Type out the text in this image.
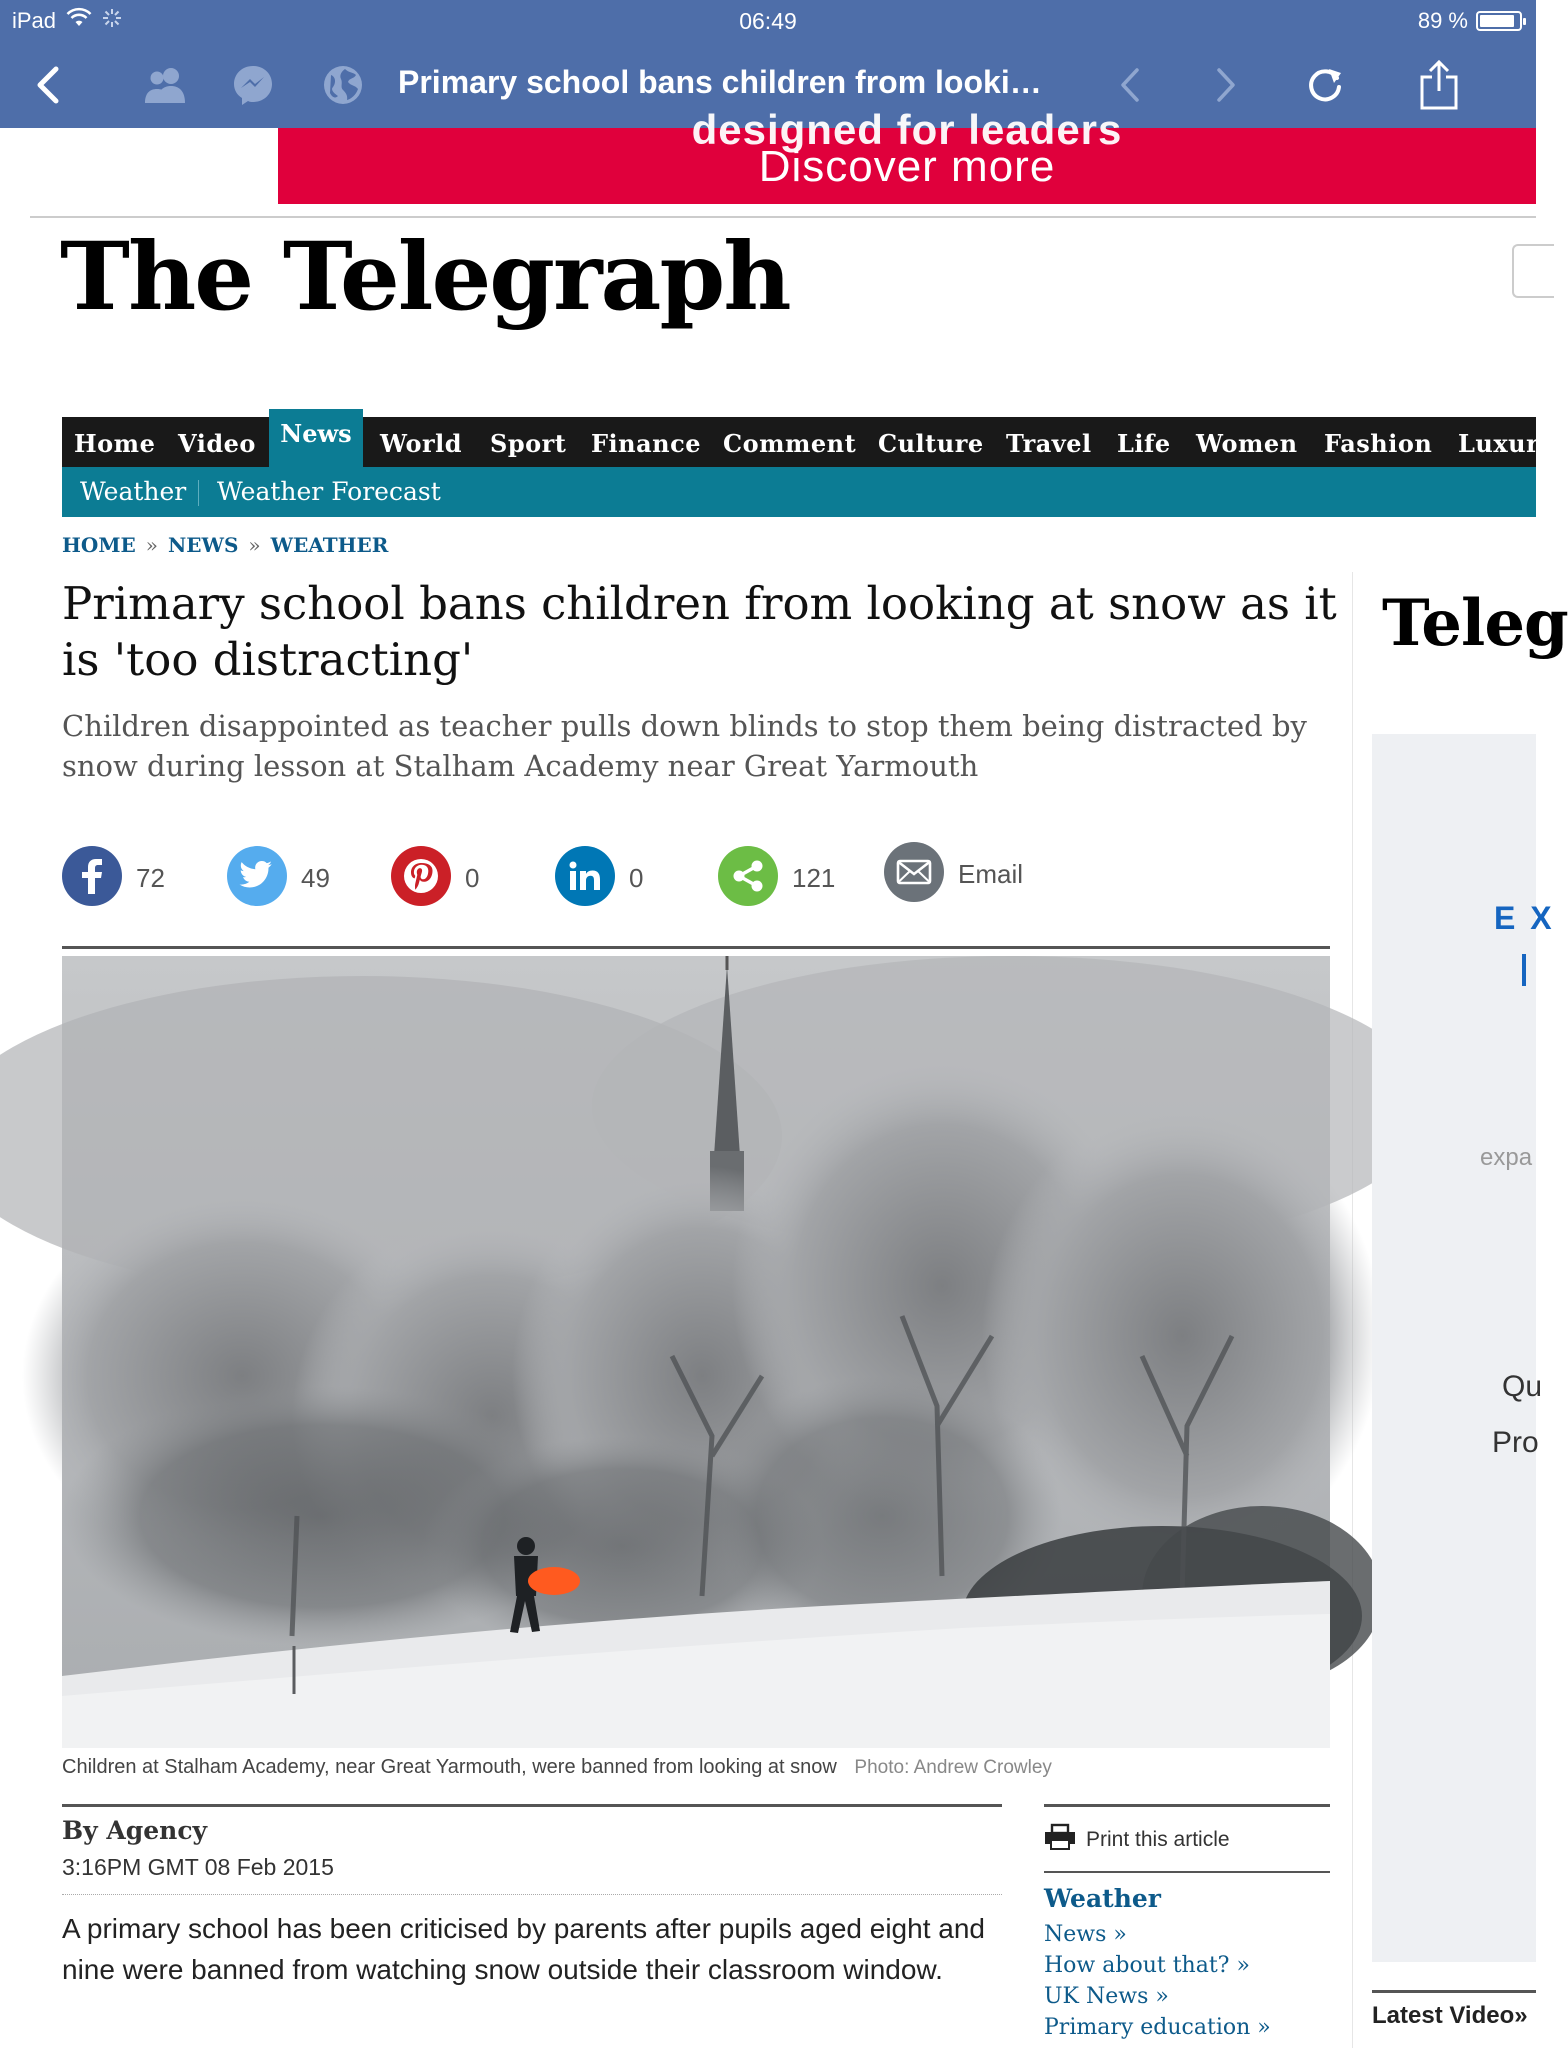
iPad	06:49	89 %
Primary school bans children from looki…
designed for leaders
Discover more
The Telegraph
Home Video	News	World Sport Finance Comment Culture Travel Life Women Fashion Luxur
Weather Weather Forecast
HOME » NEWS » WEATHER
Primary school bans children from looking at snow as it is 'too distracting'

Children disappointed as teacher pulls down blinds to stop them being distracted by snow during lesson at Stalham Academy near Great Yarmouth

72	49	0	0	121	Email
Children at Stalham Academy, near Great Yarmouth, were banned from looking at snow Photo: Andrew Crowley
By Agency
3:16PM GMT 08 Feb 2015

A primary school has been criticised by parents after pupils aged eight and nine were banned from watching snow outside their classroom window.

Print this article
Weather
News »
How about that? »
UK News »
Primary education »
Teleg
E X
expa
Qu
Pro
Latest Video»
